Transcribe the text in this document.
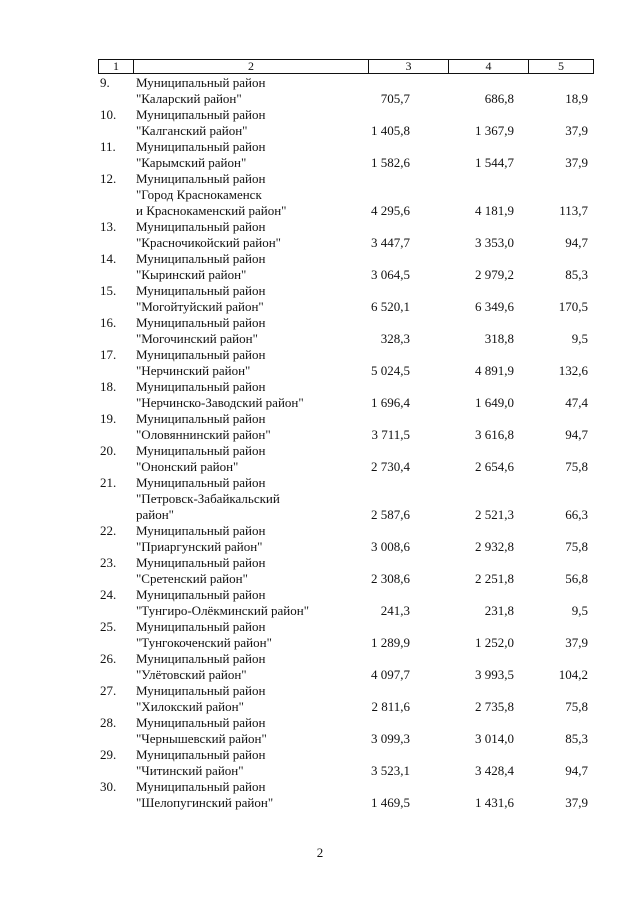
1	2	3	4	5
9.	Муниципальный район
"Каларский район"	705,7	686,8	18,9
10.	Муниципальный район
"Калганский район"	1 405,8	1 367,9	37,9
11.	Муниципальный район
"Карымский район"	1 582,6	1 544,7	37,9
12.	Муниципальный район
"Город Краснокаменск
и Краснокаменский район"	4 295,6	4 181,9	113,7
13.	Муниципальный район
"Красночикойский район"	3 447,7	3 353,0	94,7
14.	Муниципальный район
"Кыринский район"	3 064,5	2 979,2	85,3
15.	Муниципальный район
"Могойтуйский район"	6 520,1	6 349,6	170,5
16.	Муниципальный район
"Могочинский район"	328,3	318,8	9,5
17.	Муниципальный район
"Нерчинский район"	5 024,5	4 891,9	132,6
18.	Муниципальный район
"Нерчинско-Заводский район"	1 696,4	1 649,0	47,4
19.	Муниципальный район
"Оловяннинский район"	3 711,5	3 616,8	94,7
20.	Муниципальный район
"Ононский район"	2 730,4	2 654,6	75,8
21.	Муниципальный район
"Петровск-Забайкальский
район"	2 587,6	2 521,3	66,3
22.	Муниципальный район
"Приаргунский район"	3 008,6	2 932,8	75,8
23.	Муниципальный район
"Сретенский район"	2 308,6	2 251,8	56,8
24.	Муниципальный район
"Тунгиро-Олёкминский район"	241,3	231,8	9,5
25.	Муниципальный район
"Тунгокоченский район"	1 289,9	1 252,0	37,9
26.	Муниципальный район
"Улётовский район"	4 097,7	3 993,5	104,2
27.	Муниципальный район
"Хилокский район"	2 811,6	2 735,8	75,8
28.	Муниципальный район
"Чернышевский район"	3 099,3	3 014,0	85,3
29.	Муниципальный район
"Читинский район"	3 523,1	3 428,4	94,7
30.	Муниципальный район
"Шелопугинский район"	1 469,5	1 431,6	37,9
2
